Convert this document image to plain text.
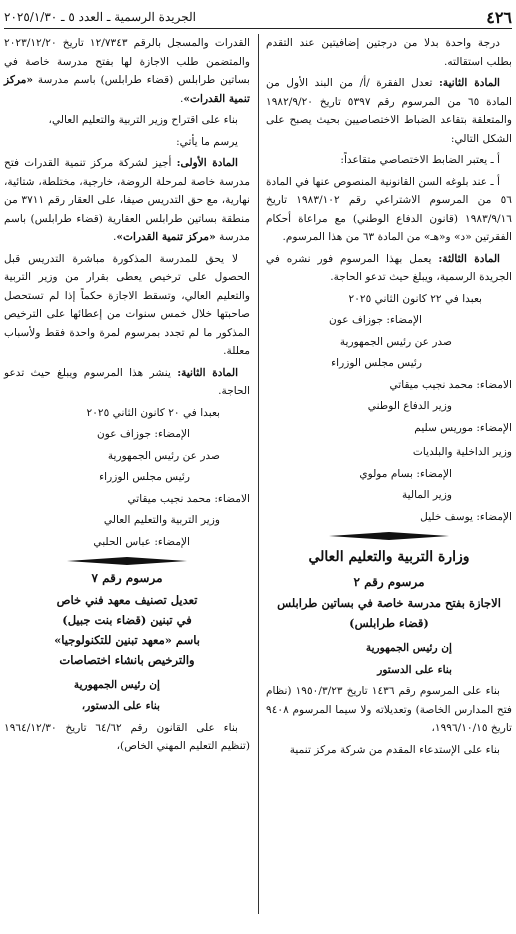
٤٢٦
الجريدة الرسمية ـ العدد ٥ ـ ٢٠٢٥/١/٣٠

درجة واحدة بدلا من درجتين إضافيتين عند التقدم بطلب استقالته.

المادة الثانية: تعدل الفقرة /أ/ من البند الأول من المادة ٦٥ من المرسوم رقم ٥٣٩٧ تاريخ ١٩٨٢/٩/٢٠ والمتعلقة بتقاعد الضباط الاختصاصيين بحيث يصبح على الشكل التالي:

أ ـ يعتبر الضابط الاختصاصي متقاعداً:

أ ـ عند بلوغه السن القانونية المنصوص عنها في المادة ٥٦ من المرسوم الاشتراعي رقم ١٩٨٣/١٠٢ تاريخ ١٩٨٣/٩/١٦ (قانون الدفاع الوطني) مع مراعاة أحكام الفقرتين «د» و«هـ» من المادة ٦٣ من هذا المرسوم.

المادة الثالثة: يعمل بهذا المرسوم فور نشره في الجريدة الرسمية، ويبلغ حيث تدعو الحاجة.

بعبدا في ٢٢ كانون الثاني ٢٠٢٥
الإمضاء: جوزاف عون
صدر عن رئيس الجمهورية
رئيس مجلس الوزراء
الامضاء: محمد نجيب ميقاتي
وزير الدفاع الوطني
الإمضاء: موريس سليم
وزير الداخلية والبلديات
الإمضاء: بسام مولوي
وزير المالية
الإمضاء: يوسف خليل
وزارة التربية والتعليم العالي
مرسوم رقم ٢
الاجازة بفتح مدرسة خاصة في بساتين طرابلس (قضاء طرابلس)
إن رئيس الجمهورية
بناء على الدستور

بناء على المرسوم رقم ١٤٣٦ تاريخ ١٩٥٠/٣/٢٣ (نظام فتح المدارس الخاصة) وتعديلاته ولا سيما المرسوم ٩٤٠٨ تاريخ ١٩٩٦/١٠/١٥،

بناء على الإستدعاء المقدم من شركة مركز تنمية

القدرات والمسجل بالرقم ١٢/٧٣٤٣ تاريخ ٢٠٢٣/١٢/٢٠ والمتضمن طلب الاجازة لها بفتح مدرسة خاصة في بساتين طرابلس (قضاء طرابلس) باسم مدرسة «مركز تنمية القدرات».

بناء على اقتراح وزير التربية والتعليم العالي،

يرسم ما يأتي:

المادة الأولى: أجيز لشركة مركز تنمية القدرات فتح مدرسة خاصة لمرحلة الروضة، خارجية، مختلطة، شتائية، نهارية، مع حق التدريس صيفا، على العقار رقم ٣٧١١ من منطقة بساتين طرابلس العقارية (قضاء طرابلس) باسم مدرسة «مركز تنمية القدرات».

لا يحق للمدرسة المذكورة مباشرة التدريس قبل الحصول على ترخيص يعطى بقرار من وزير التربية والتعليم العالي، وتسقط الاجازة حكماً إذا لم تستحصل صاحبتها خلال خمس سنوات من إعطائها على الترخيص المذكور ما لم تجدد بمرسوم لمرة واحدة فقط ولأسباب معللة.

المادة الثانية: ينشر هذا المرسوم ويبلغ حيث تدعو الحاجة.

بعبدا في ٢٠ كانون الثاني ٢٠٢٥
الإمضاء: جوزاف عون
صدر عن رئيس الجمهورية
رئيس مجلس الوزراء
الامضاء: محمد نجيب ميقاتي
وزير التربية والتعليم العالي
الإمضاء: عباس الحلبي
مرسوم رقم ٧
تعديل تصنيف معهد فني خاص
في تبنين (قضاء بنت جبيل)
باسم «معهد تبنين للتكنولوجيا»
والترخيص بانشاء اختصاصات
إن رئيس الجمهورية
بناء على الدستور،

بناء على القانون رقم ٦٤/٦٢ تاريخ ١٩٦٤/١٢/٣٠ (تنظيم التعليم المهني الخاص)،
